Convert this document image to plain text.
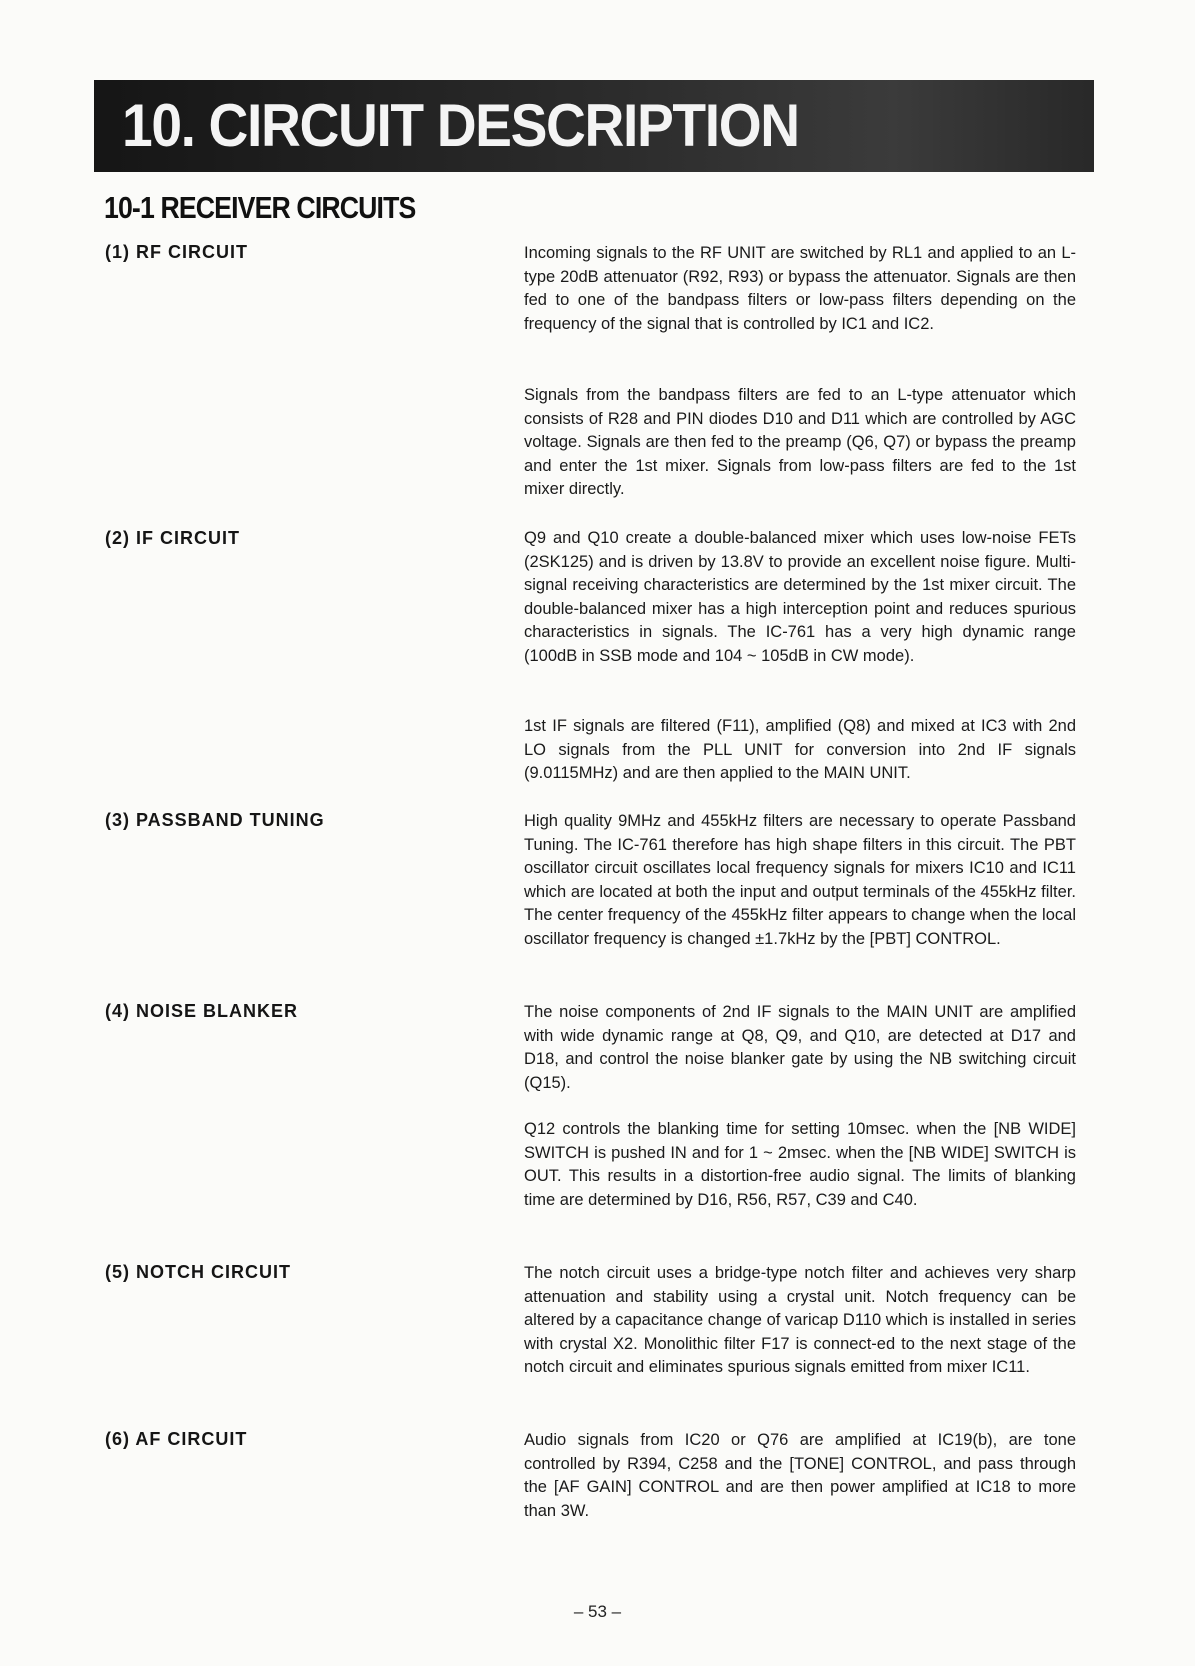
10. CIRCUIT DESCRIPTION
10-1 RECEIVER CIRCUITS
(1) RF CIRCUIT	Incoming signals to the RF UNIT are switched by RL1 and applied to an L-type 20dB attenuator (R92, R93) or bypass the attenuator. Signals are then fed to one of the bandpass filters or low-pass filters depending on the frequency of the signal that is controlled by IC1 and IC2.

Signals from the bandpass filters are fed to an L-type attenuator which consists of R28 and PIN diodes D10 and D11 which are controlled by AGC voltage. Signals are then fed to the preamp (Q6, Q7) or bypass the preamp and enter the 1st mixer. Signals from low-pass filters are fed to the 1st mixer directly.

(2) IF CIRCUIT	Q9 and Q10 create a double-balanced mixer which uses low-noise FETs (2SK125) and is driven by 13.8V to provide an excellent noise figure. Multi-signal receiving characteristics are determined by the 1st mixer circuit. The double-balanced mixer has a high interception point and reduces spurious characteristics in signals. The IC-761 has a very high dynamic range (100dB in SSB mode and 104 ~ 105dB in CW mode).

1st IF signals are filtered (F11), amplified (Q8) and mixed at IC3 with 2nd LO signals from the PLL UNIT for conversion into 2nd IF signals (9.0115MHz) and are then applied to the MAIN UNIT.

(3) PASSBAND TUNING	High quality 9MHz and 455kHz filters are necessary to operate Passband Tuning. The IC-761 therefore has high shape filters in this circuit. The PBT oscillator circuit oscillates local frequency signals for mixers IC10 and IC11 which are located at both the input and output terminals of the 455kHz filter. The center frequency of the 455kHz filter appears to change when the local oscillator frequency is changed ±1.7kHz by the [PBT] CONTROL.

(4) NOISE BLANKER	The noise components of 2nd IF signals to the MAIN UNIT are amplified with wide dynamic range at Q8, Q9, and Q10, are detected at D17 and D18, and control the noise blanker gate by using the NB switching circuit (Q15).

Q12 controls the blanking time for setting 10msec. when the [NB WIDE] SWITCH is pushed IN and for 1 ~ 2msec. when the [NB WIDE] SWITCH is OUT. This results in a distortion-free audio signal. The limits of blanking time are determined by D16, R56, R57, C39 and C40.

(5) NOTCH CIRCUIT	The notch circuit uses a bridge-type notch filter and achieves very sharp attenuation and stability using a crystal unit. Notch frequency can be altered by a capacitance change of varicap D110 which is installed in series with crystal X2. Monolithic filter F17 is connect-ed to the next stage of the notch circuit and eliminates spurious signals emitted from mixer IC11.

(6) AF CIRCUIT	Audio signals from IC20 or Q76 are amplified at IC19(b), are tone controlled by R394, C258 and the [TONE] CONTROL, and pass through the [AF GAIN] CONTROL and are then power amplified at IC18 to more than 3W.

– 53 –
